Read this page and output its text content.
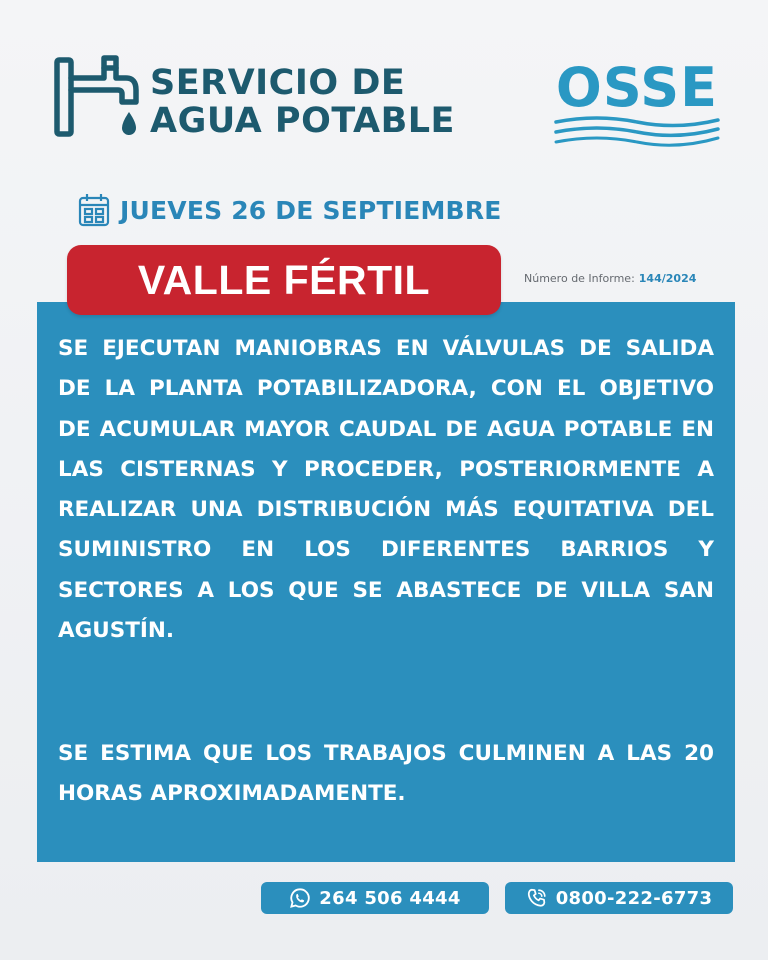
SERVICIO DE
AGUA POTABLE
OSSE
JUEVES 26 DE SEPTIEMBRE
VALLE FÉRTIL	Número de Informe: 144/2024

SE EJECUTAN MANIOBRAS EN VÁLVULAS DE SALIDA DE LA PLANTA POTABILIZADORA, CON EL OBJETIVO DE ACUMULAR MAYOR CAUDAL DE AGUA POTABLE EN LAS CISTERNAS Y PROCEDER, POSTERIORMENTE A REALIZAR UNA DISTRIBUCIÓN MÁS EQUITATIVA DEL SUMINISTRO EN LOS DIFERENTES BARRIOS Y SECTORES A LOS QUE SE ABASTECE DE VILLA SAN AGUSTÍN.

SE ESTIMA QUE LOS TRABAJOS CULMINEN A LAS 20 HORAS APROXIMADAMENTE.

264 506 4444	0800-222-6773
